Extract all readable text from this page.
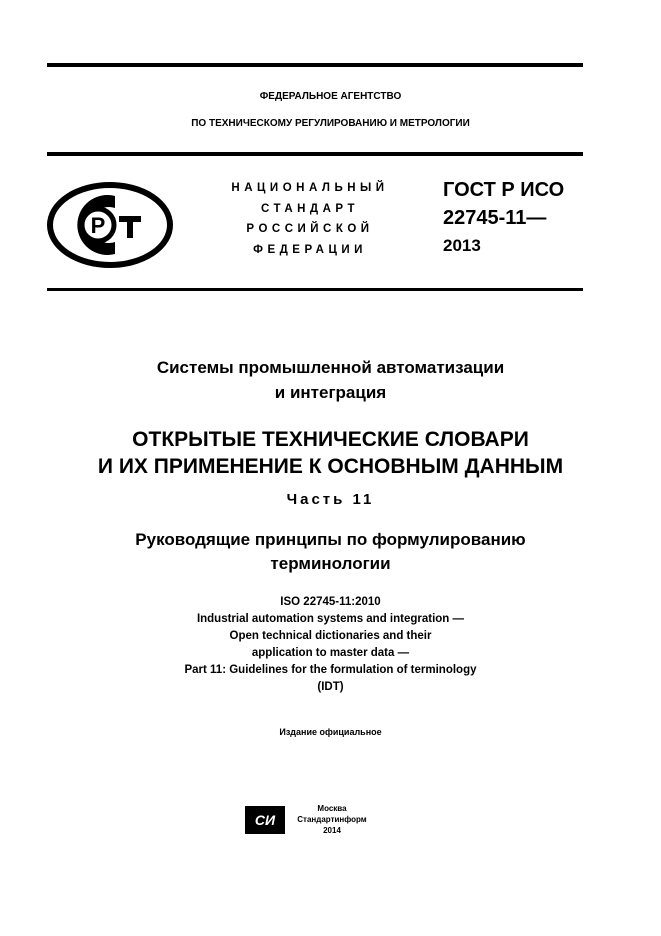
ФЕДЕРАЛЬНОЕ АГЕНТСТВО
ПО ТЕХНИЧЕСКОМУ РЕГУЛИРОВАНИЮ И МЕТРОЛОГИИ
Р
НАЦИОНАЛЬНЫЙ
СТАНДАРТ
РОССИЙСКОЙ
ФЕДЕРАЦИИ
ГОСТ Р ИСО
22745-11—
2013
Системы промышленной автоматизации
и интеграция
ОТКРЫТЫЕ ТЕХНИЧЕСКИЕ СЛОВАРИ
И ИХ ПРИМЕНЕНИЕ К ОСНОВНЫМ ДАННЫМ
Часть 11
Руководящие принципы по формулированию
терминологии
ISO 22745-11:2010
Industrial automation systems and integration —
Open technical dictionaries and their
application to master data —
Part 11: Guidelines for the formulation of terminology
(IDT)
Издание официальное
СИ
Москва
Стандартинформ
2014
